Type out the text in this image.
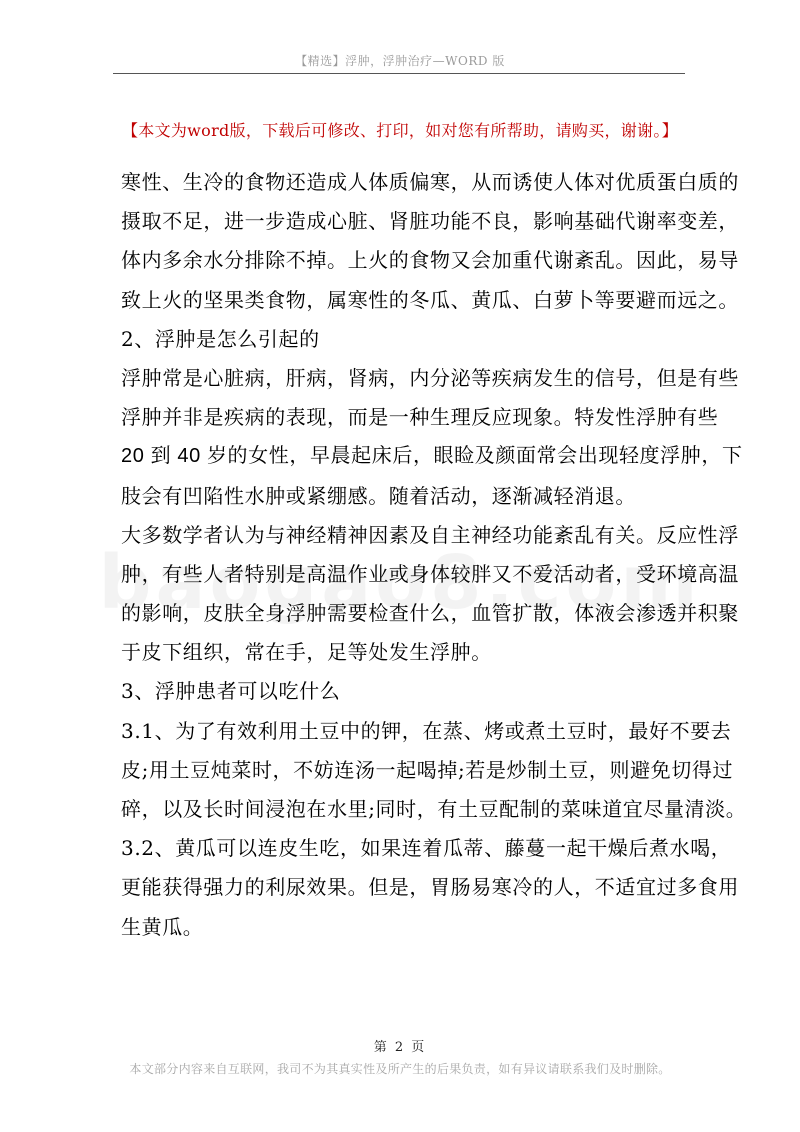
【精选】浮肿，浮肿治疗—WORD 版
【本文为word版，下载后可修改、打印，如对您有所帮助，请购买，谢谢。】
寒性、生冷的食物还造成人体质偏寒，从而诱使人体对优质蛋白质的
摄取不足，进一步造成心脏、肾脏功能不良，影响基础代谢率变差，
体内多余水分排除不掉。上火的食物又会加重代谢紊乱。因此，易导
致上火的坚果类食物，属寒性的冬瓜、黄瓜、白萝卜等要避而远之。
2、浮肿是怎么引起的
浮肿常是心脏病，肝病，肾病，内分泌等疾病发生的信号，但是有些
浮肿并非是疾病的表现，而是一种生理反应现象。特发性浮肿有些
20 到 40 岁的女性，早晨起床后，眼睑及颜面常会出现轻度浮肿，下
肢会有凹陷性水肿或紧绷感。随着活动，逐渐减轻消退。
大多数学者认为与神经精神因素及自主神经功能紊乱有关。反应性浮
肿，有些人者特别是高温作业或身体较胖又不爱活动者，受环境高温
的影响，皮肤全身浮肿需要检查什么，血管扩散，体液会渗透并积聚
于皮下组织，常在手，足等处发生浮肿。
3、浮肿患者可以吃什么
3.1、为了有效利用土豆中的钾，在蒸、烤或煮土豆时，最好不要去
皮;用土豆炖菜时，不妨连汤一起喝掉;若是炒制土豆，则避免切得过
碎，以及长时间浸泡在水里;同时，有土豆配制的菜味道宜尽量清淡。
3.2、黄瓜可以连皮生吃，如果连着瓜蒂、藤蔓一起干燥后煮水喝，
更能获得强力的利尿效果。但是，胃肠易寒冷的人，不适宜过多食用
生黄瓜。
第 2 页
本文部分内容来自互联网，我司不为其真实性及所产生的后果负责，如有异议请联系我们及时删除。
